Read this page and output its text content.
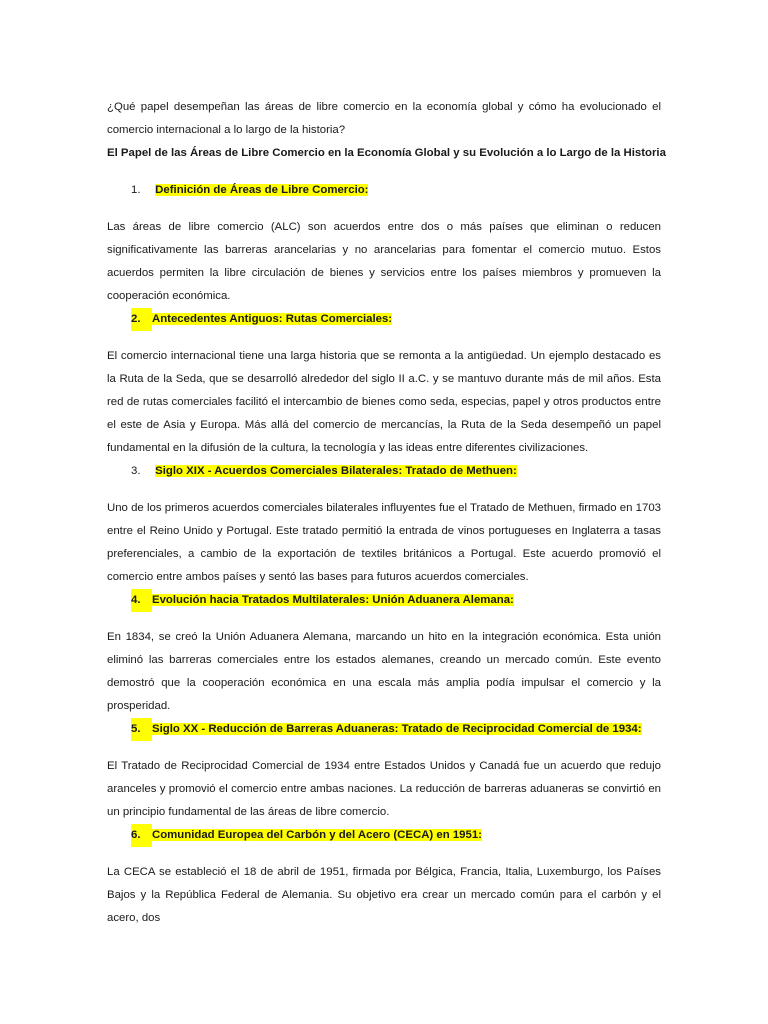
¿Qué papel desempeñan las áreas de libre comercio en la economía global y cómo ha evolucionado el comercio internacional a lo largo de la historia?

El Papel de las Áreas de Libre Comercio en la Economía Global y su Evolución a lo Largo de la Historia
1. Definición de Áreas de Libre Comercio:

Las áreas de libre comercio (ALC) son acuerdos entre dos o más países que eliminan o reducen significativamente las barreras arancelarias y no arancelarias para fomentar el comercio mutuo. Estos acuerdos permiten la libre circulación de bienes y servicios entre los países miembros y promueven la cooperación económica.

2. Antecedentes Antiguos: Rutas Comerciales:

El comercio internacional tiene una larga historia que se remonta a la antigüedad. Un ejemplo destacado es la Ruta de la Seda, que se desarrolló alrededor del siglo II a.C. y se mantuvo durante más de mil años. Esta red de rutas comerciales facilitó el intercambio de bienes como seda, especias, papel y otros productos entre el este de Asia y Europa. Más allá del comercio de mercancías, la Ruta de la Seda desempeñó un papel fundamental en la difusión de la cultura, la tecnología y las ideas entre diferentes civilizaciones.

3. Siglo XIX - Acuerdos Comerciales Bilaterales: Tratado de Methuen:

Uno de los primeros acuerdos comerciales bilaterales influyentes fue el Tratado de Methuen, firmado en 1703 entre el Reino Unido y Portugal. Este tratado permitió la entrada de vinos portugueses en Inglaterra a tasas preferenciales, a cambio de la exportación de textiles británicos a Portugal. Este acuerdo promovió el comercio entre ambos países y sentó las bases para futuros acuerdos comerciales.

4. Evolución hacia Tratados Multilaterales: Unión Aduanera Alemana:

En 1834, se creó la Unión Aduanera Alemana, marcando un hito en la integración económica. Esta unión eliminó las barreras comerciales entre los estados alemanes, creando un mercado común. Este evento demostró que la cooperación económica en una escala más amplia podía impulsar el comercio y la prosperidad.

5. Siglo XX - Reducción de Barreras Aduaneras: Tratado de Reciprocidad Comercial de 1934:

El Tratado de Reciprocidad Comercial de 1934 entre Estados Unidos y Canadá fue un acuerdo que redujo aranceles y promovió el comercio entre ambas naciones. La reducción de barreras aduaneras se convirtió en un principio fundamental de las áreas de libre comercio.

6. Comunidad Europea del Carbón y del Acero (CECA) en 1951:

La CECA se estableció el 18 de abril de 1951, firmada por Bélgica, Francia, Italia, Luxemburgo, los Países Bajos y la República Federal de Alemania. Su objetivo era crear un mercado común para el carbón y el acero, dos
